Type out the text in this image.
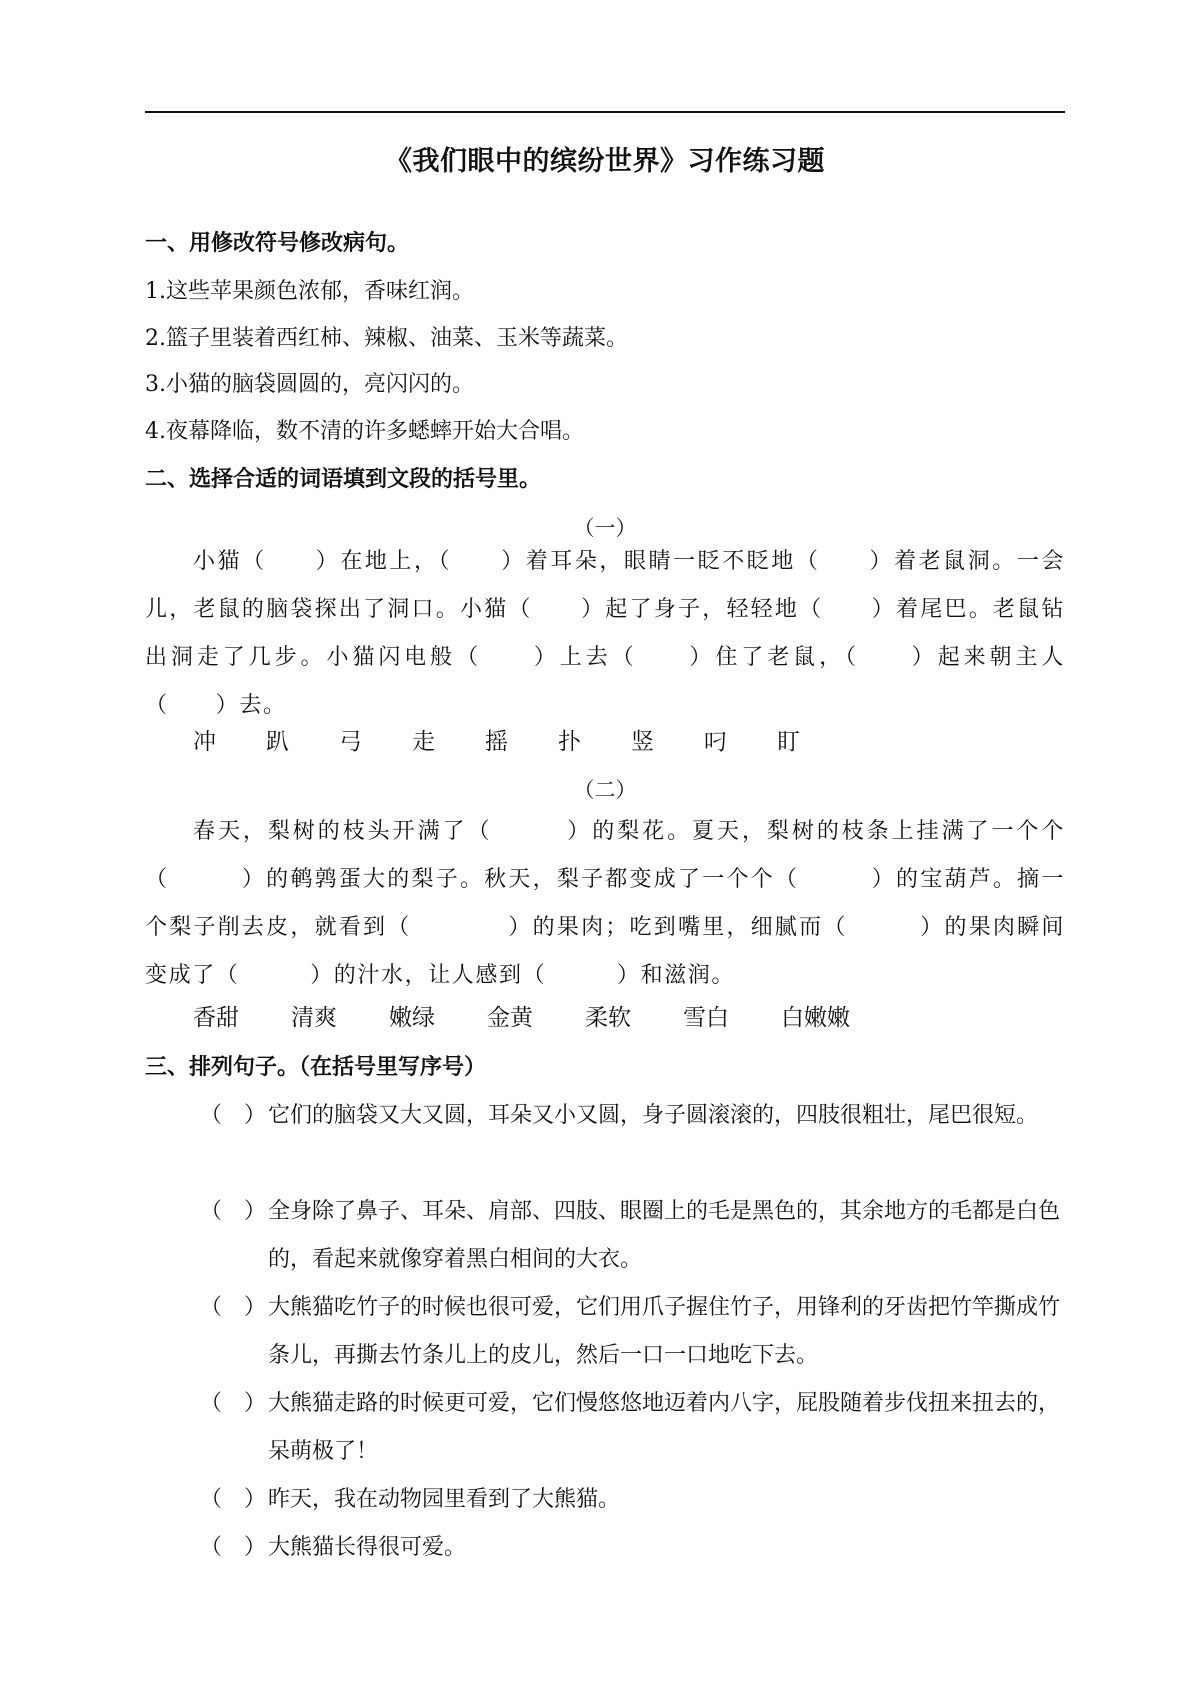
《我们眼中的缤纷世界》习作练习题
一、用修改符号修改病句。
1.这些苹果颜色浓郁，香味红润。
2.篮子里装着西红柿、辣椒、油菜、玉米等蔬菜。
3.小猫的脑袋圆圆的，亮闪闪的。
4.夜幕降临，数不清的许多蟋蟀开始大合唱。
二、选择合适的词语填到文段的括号里。
（一）

小猫（　　）在地上，（　　）着耳朵，眼睛一眨不眨地（　　）着老鼠洞。一会儿，老鼠的脑袋探出了洞口。小猫（　　）起了身子，轻轻地（　　）着尾巴。老鼠钻出洞走了几步。小猫闪电般（　　）上去（　　）住了老鼠，（　　）起来朝主人（　　）去。

冲	趴	弓	走	摇	扑	竖	叼	盯
（二）

春天，梨树的枝头开满了（　　　）的梨花。夏天，梨树的枝条上挂满了一个个（　　　）的鹌鹑蛋大的梨子。秋天，梨子都变成了一个个（　　　）的宝葫芦。摘一个梨子削去皮，就看到（　　　　）的果肉；吃到嘴里，细腻而（　　　）的果肉瞬间变成了（　　　）的汁水，让人感到（　　　）和滋润。

香甜	清爽	嫩绿	金黄	柔软	雪白	白嫩嫩
三、排列句子。（在括号里写序号）
（　） 它们的脑袋又大又圆，耳朵又小又圆，身子圆滚滚的，四肢很粗壮，尾巴很短。
（　） 全身除了鼻子、耳朵、肩部、四肢、眼圈上的毛是黑色的，其余地方的毛都是白色的，看起来就像穿着黑白相间的大衣。
（　） 大熊猫吃竹子的时候也很可爱，它们用爪子握住竹子，用锋利的牙齿把竹竿撕成竹条儿，再撕去竹条儿上的皮儿，然后一口一口地吃下去。
（　） 大熊猫走路的时候更可爱，它们慢悠悠地迈着内八字，屁股随着步伐扭来扭去的，呆萌极了！
（　） 昨天，我在动物园里看到了大熊猫。
（　） 大熊猫长得很可爱。
